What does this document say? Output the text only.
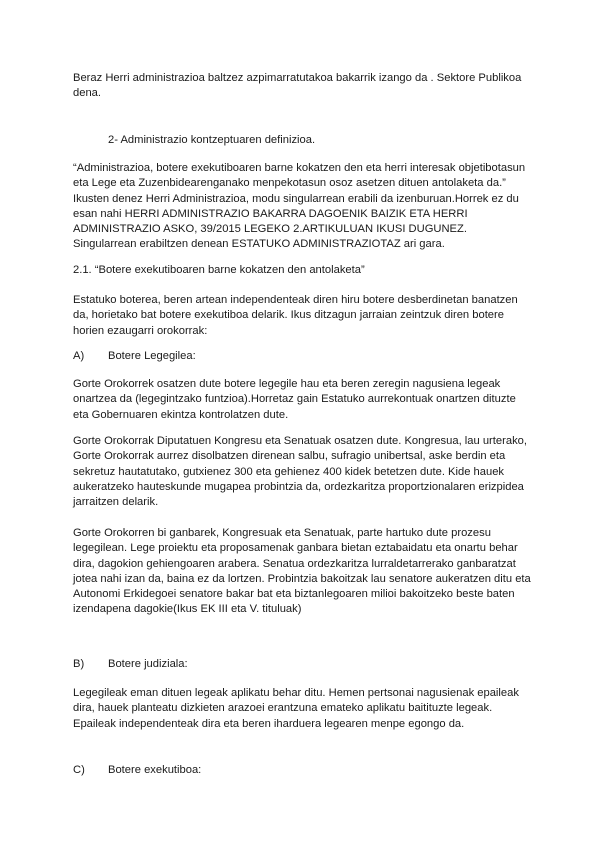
Beraz Herri administrazioa baltzez azpimarratutakoa bakarrik izango da . Sektore Publikoa
dena.

2- Administrazio kontzeptuaren definizioa.

“Administrazioa, botere exekutiboaren barne kokatzen den eta herri interesak objetibotasun
eta Lege eta Zuzenbidearenganako menpekotasun osoz asetzen dituen antolaketa da.”
Ikusten denez Herri Administrazioa, modu singularrean erabili da izenburuan.Horrek ez du
esan nahi HERRI ADMINISTRAZIO BAKARRA DAGOENIK BAIZIK ETA HERRI
ADMINISTRAZIO ASKO, 39/2015 LEGEKO 2.ARTIKULUAN IKUSI DUGUNEZ.
Singularrean erabiltzen denean ESTATUKO ADMINISTRAZIOTAZ ari gara.

2.1. “Botere exekutiboaren barne kokatzen den antolaketa”

Estatuko boterea, beren artean independenteak diren hiru botere desberdinetan banatzen
da, horietako bat botere exekutiboa delarik. Ikus ditzagun jarraian zeintzuk diren botere
horien ezaugarri orokorrak:

A) Botere Legegilea:

Gorte Orokorrek osatzen dute botere legegile hau eta beren zeregin nagusiena legeak
onartzea da (legegintzako funtzioa).Horretaz gain Estatuko aurrekontuak onartzen dituzte
eta Gobernuaren ekintza kontrolatzen dute.

Gorte Orokorrak Diputatuen Kongresu eta Senatuak osatzen dute. Kongresua, lau urterako,
Gorte Orokorrak aurrez disolbatzen direnean salbu, sufragio unibertsal, aske berdin eta
sekretuz hautatutako, gutxienez 300 eta gehienez 400 kidek betetzen dute. Kide hauek
aukeratzeko hauteskunde mugapea probintzia da, ordezkaritza proportzionalaren erizpidea
jarraitzen delarik.

Gorte Orokorren bi ganbarek, Kongresuak eta Senatuak, parte hartuko dute prozesu
legegilean. Lege proiektu eta proposamenak ganbara bietan eztabaidatu eta onartu behar
dira, dagokion gehiengoaren arabera. Senatua ordezkaritza lurraldetarrerako ganbaratzat
jotea nahi izan da, baina ez da lortzen. Probintzia bakoitzak lau senatore aukeratzen ditu eta
Autonomi Erkidegoei senatore bakar bat eta biztanlegoaren milioi bakoitzeko beste baten
izendapena dagokie(Ikus EK III eta V. tituluak)

B) Botere judiziala:

Legegileak eman dituen legeak aplikatu behar ditu. Hemen pertsonai nagusienak epaileak
dira, hauek planteatu dizkieten arazoei erantzuna emateko aplikatu baitituzte legeak.
Epaileak independenteak dira eta beren iharduera legearen menpe egongo da.

C) Botere exekutiboa:
